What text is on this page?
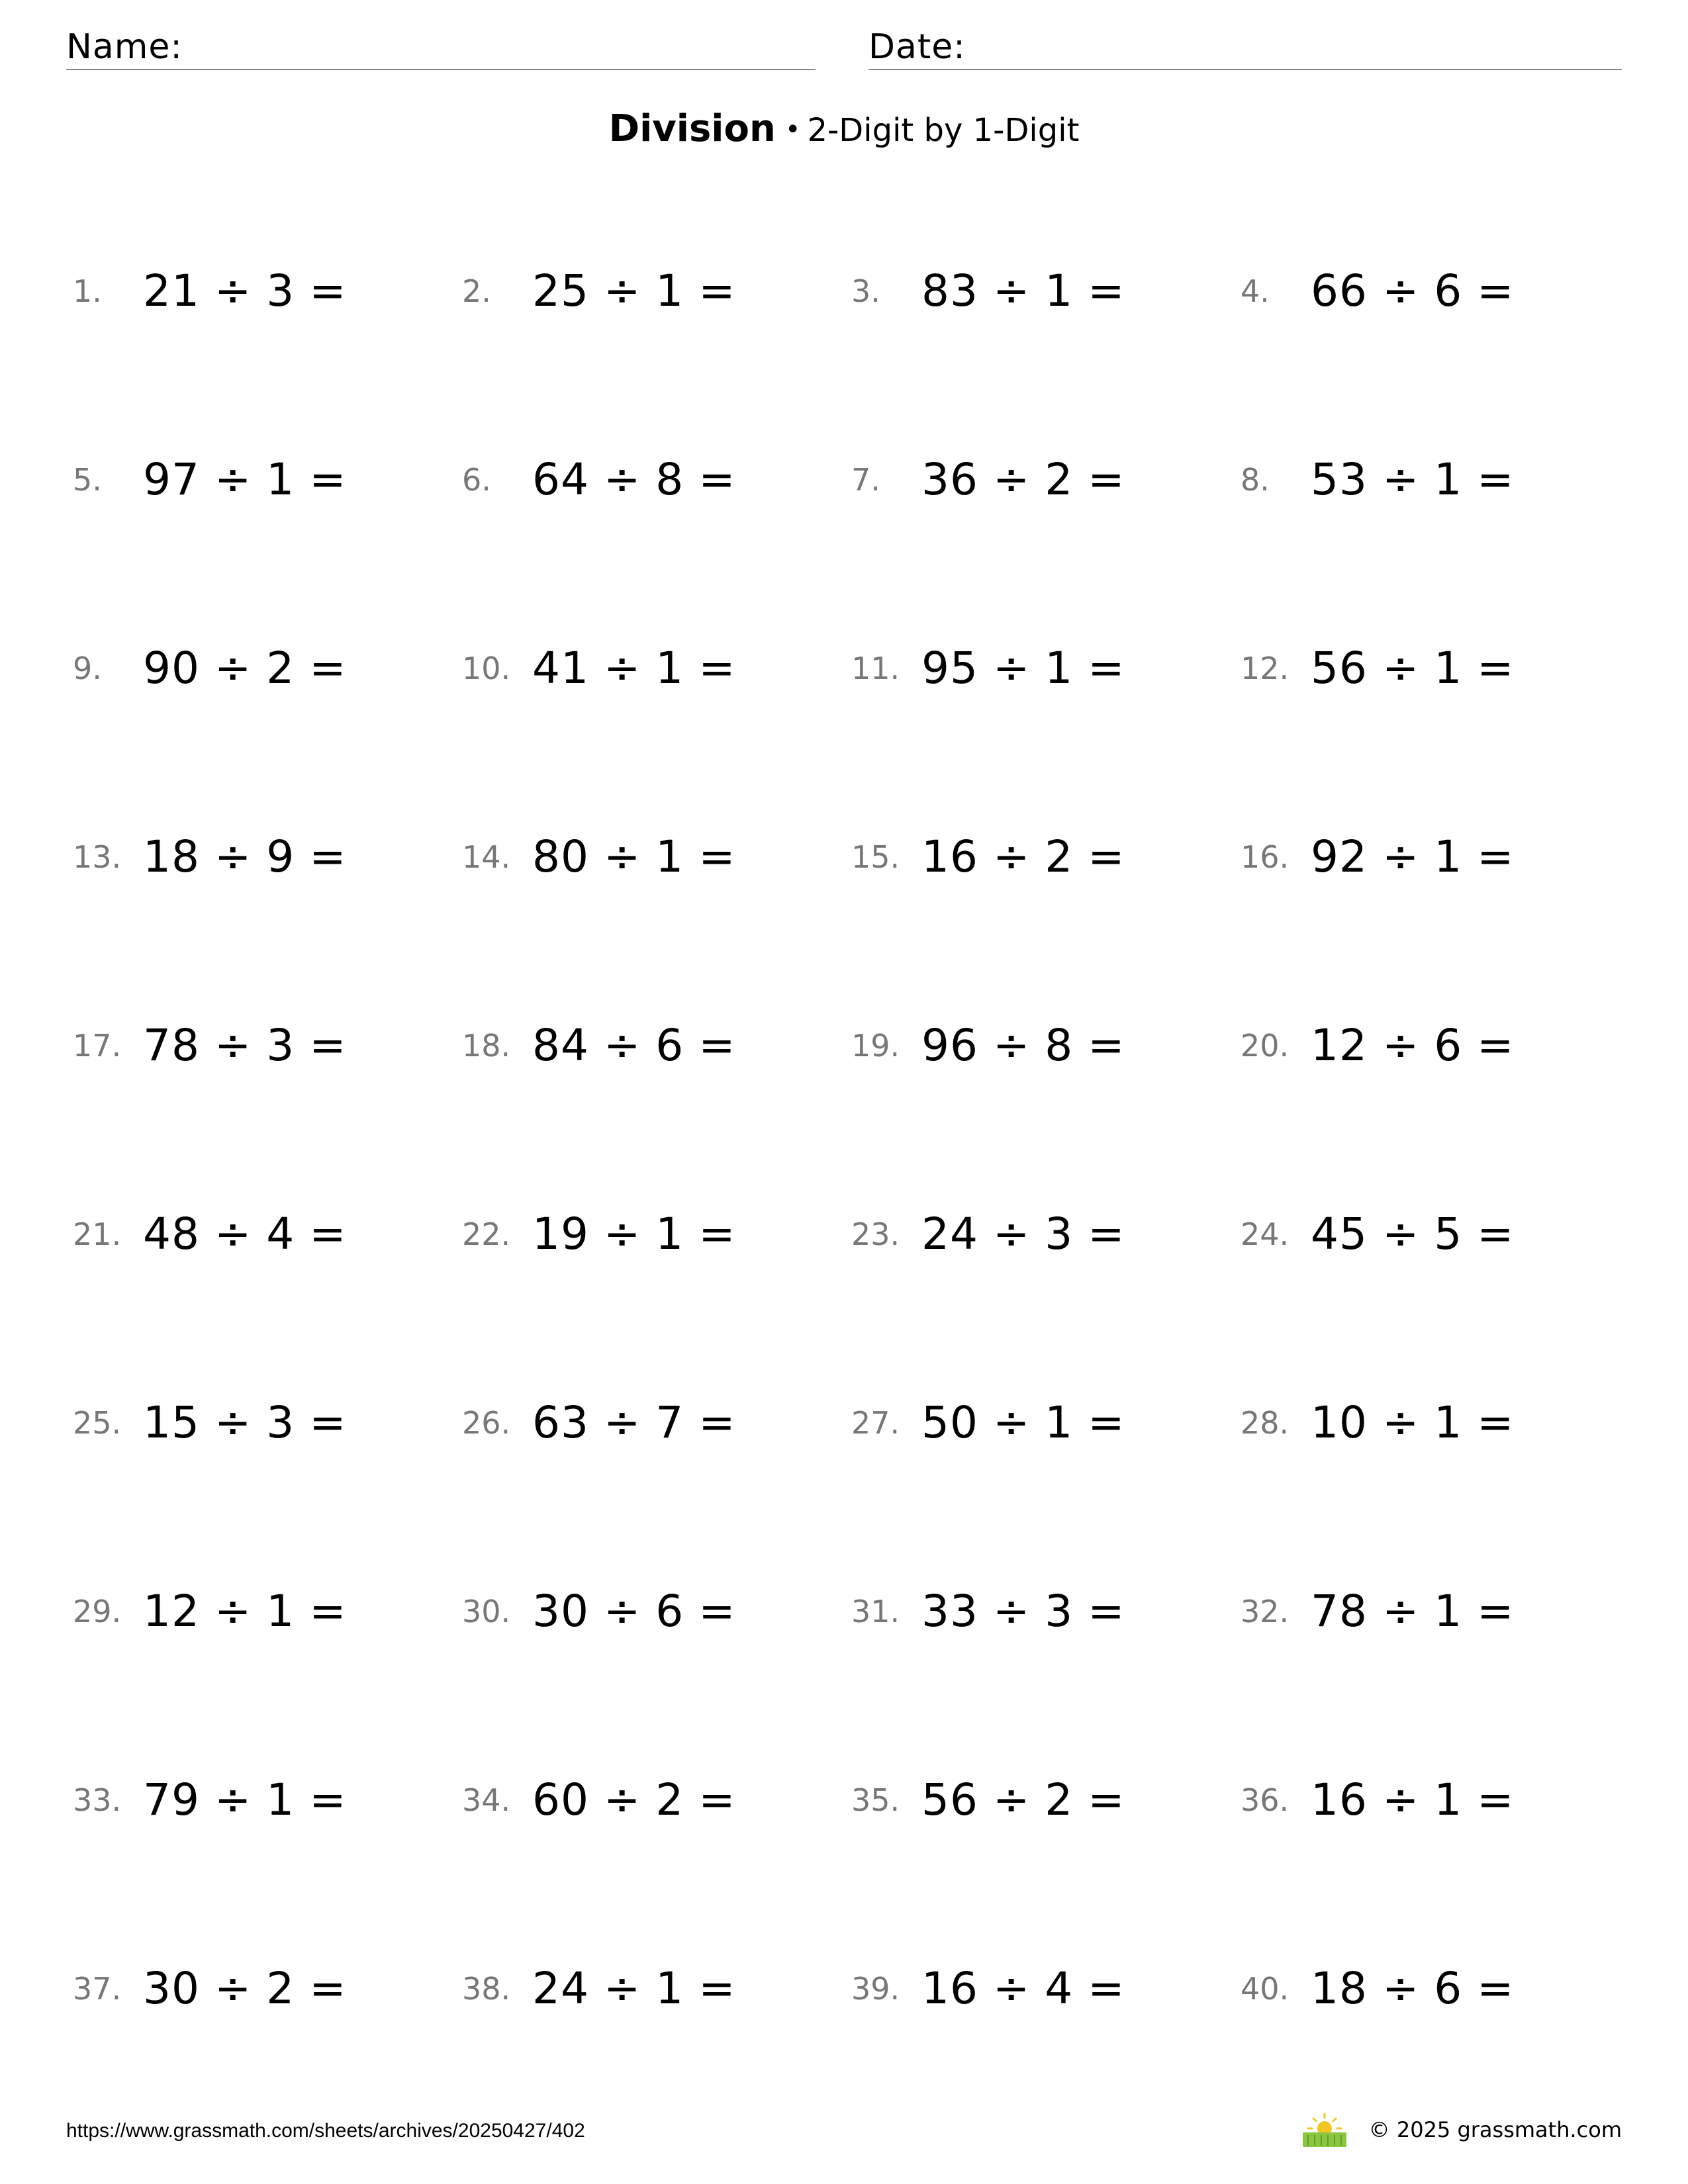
Name:	Date:
Division • 2-Digit by 1-Digit
1. 21 ÷ 3 =	2. 25 ÷ 1 =	3. 83 ÷ 1 =	4. 66 ÷ 6 =
5. 97 ÷ 1 =	6. 64 ÷ 8 =	7. 36 ÷ 2 =	8. 53 ÷ 1 =
9. 90 ÷ 2 =	10. 41 ÷ 1 =	11. 95 ÷ 1 =	12. 56 ÷ 1 =
13. 18 ÷ 9 =	14. 80 ÷ 1 =	15. 16 ÷ 2 =	16. 92 ÷ 1 =
17. 78 ÷ 3 =	18. 84 ÷ 6 =	19. 96 ÷ 8 =	20. 12 ÷ 6 =
21. 48 ÷ 4 =	22. 19 ÷ 1 =	23. 24 ÷ 3 =	24. 45 ÷ 5 =
25. 15 ÷ 3 =	26. 63 ÷ 7 =	27. 50 ÷ 1 =	28. 10 ÷ 1 =
29. 12 ÷ 1 =	30. 30 ÷ 6 =	31. 33 ÷ 3 =	32. 78 ÷ 1 =
33. 79 ÷ 1 =	34. 60 ÷ 2 =	35. 56 ÷ 2 =	36. 16 ÷ 1 =
37. 30 ÷ 2 =	38. 24 ÷ 1 =	39. 16 ÷ 4 =	40. 18 ÷ 6 =
https://www.grassmath.com/sheets/archives/20250427/402	© 2025 grassmath.com
